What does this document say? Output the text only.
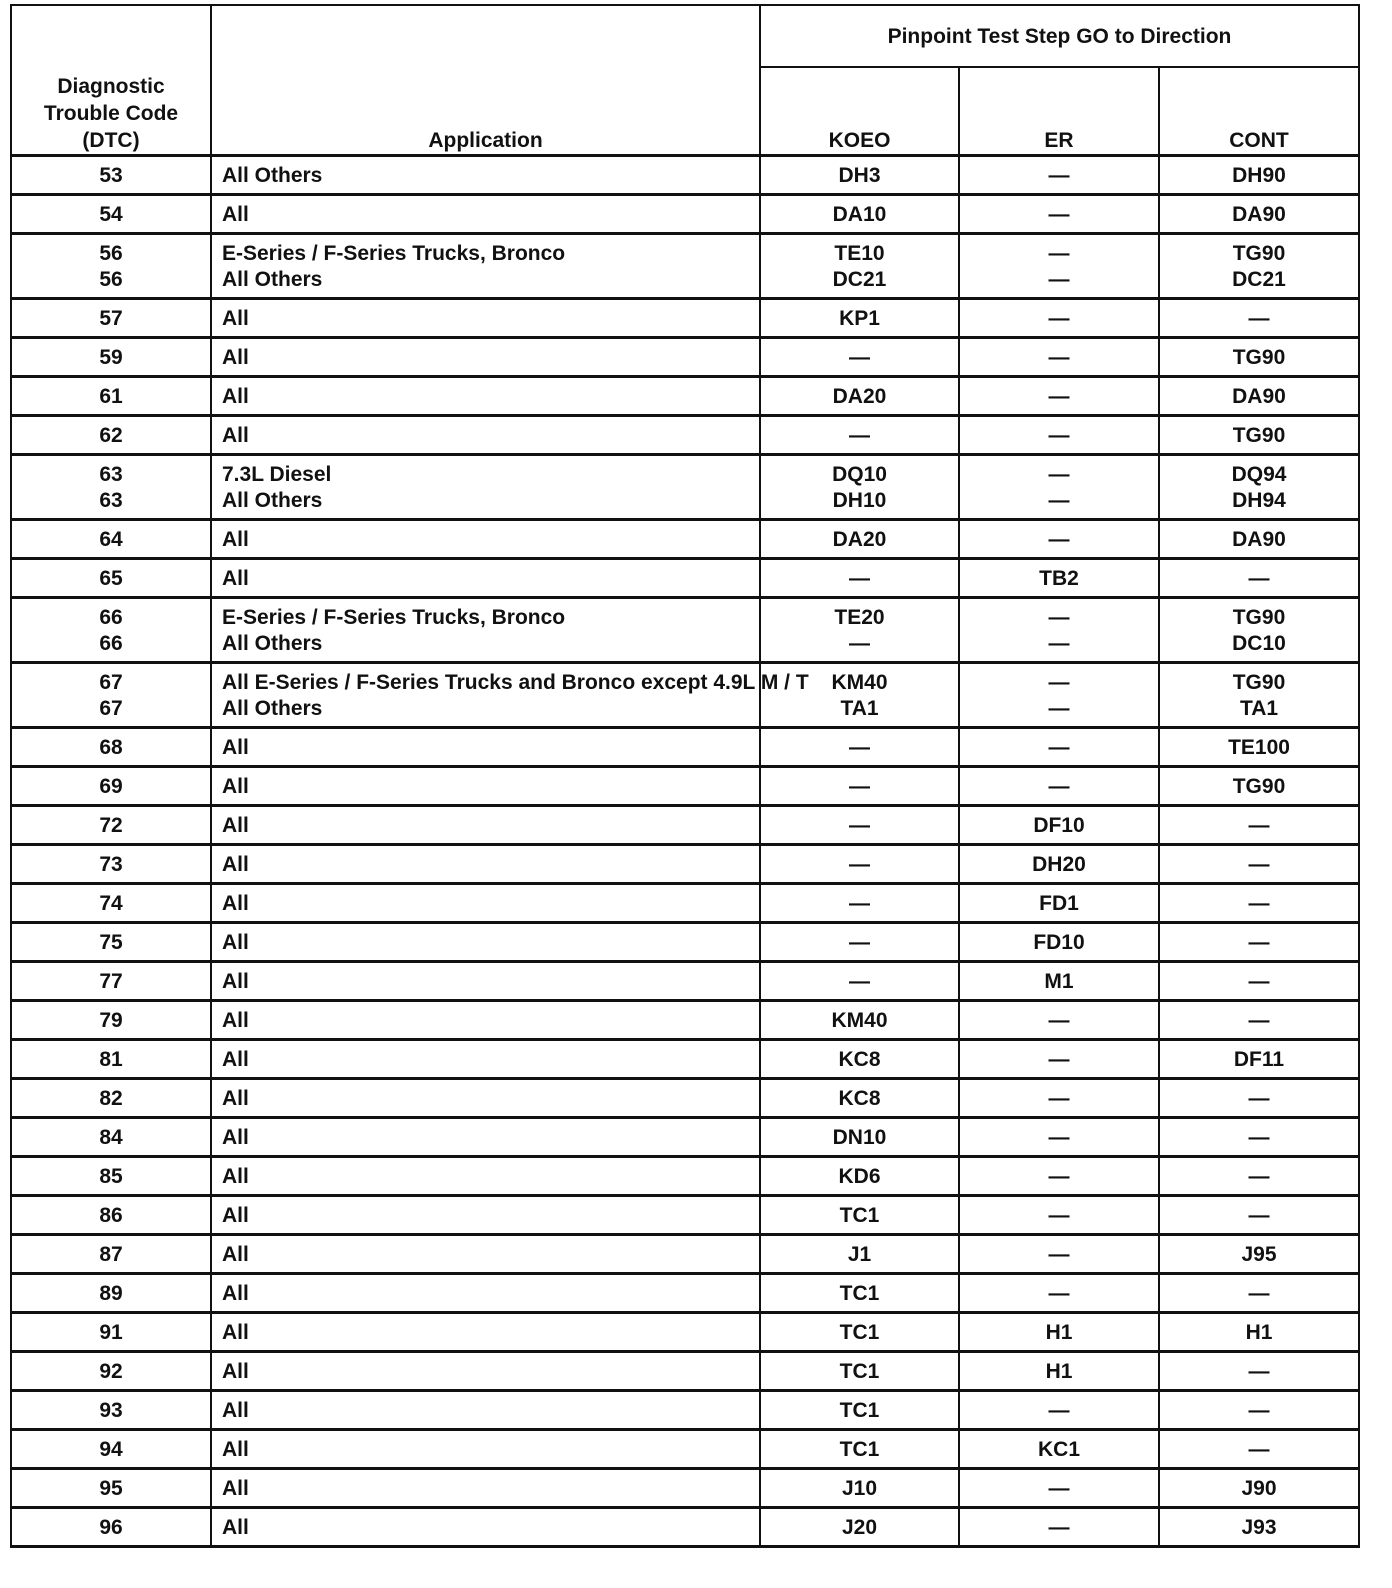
Diagnostic Trouble Code (DTC)	Application	Pinpoint Test Step GO to Direction		
		KOEO	ER	CONT
53	All Others	DH3	—	DH90
54	All	DA10	—	DA90
56	E-Series / F-Series Trucks, Bronco	TE10	—	TG90
56	All Others	DC21	—	DC21
57	All	KP1	—	—
59	All	—	—	TG90
61	All	DA20	—	DA90
62	All	—	—	TG90
63	7.3L Diesel	DQ10	—	DQ94
63	All Others	DH10	—	DH94
64	All	DA20	—	DA90
65	All	—	TB2	—
66	E-Series / F-Series Trucks, Bronco	TE20	—	TG90
66	All Others	—	—	DC10
67	All E-Series / F-Series Trucks and Bronco except 4.9L M / T	KM40	—	TG90
67	All Others	TA1	—	TA1
68	All	—	—	TE100
69	All	—	—	TG90
72	All	—	DF10	—
73	All	—	DH20	—
74	All	—	FD1	—
75	All	—	FD10	—
77	All	—	M1	—
79	All	KM40	—	—
81	All	KC8	—	DF11
82	All	KC8	—	—
84	All	DN10	—	—
85	All	KD6	—	—
86	All	TC1	—	—
87	All	J1	—	J95
89	All	TC1	—	—
91	All	TC1	H1	H1
92	All	TC1	H1	—
93	All	TC1	—	—
94	All	TC1	KC1	—
95	All	J10	—	J90
96	All	J20	—	J93
